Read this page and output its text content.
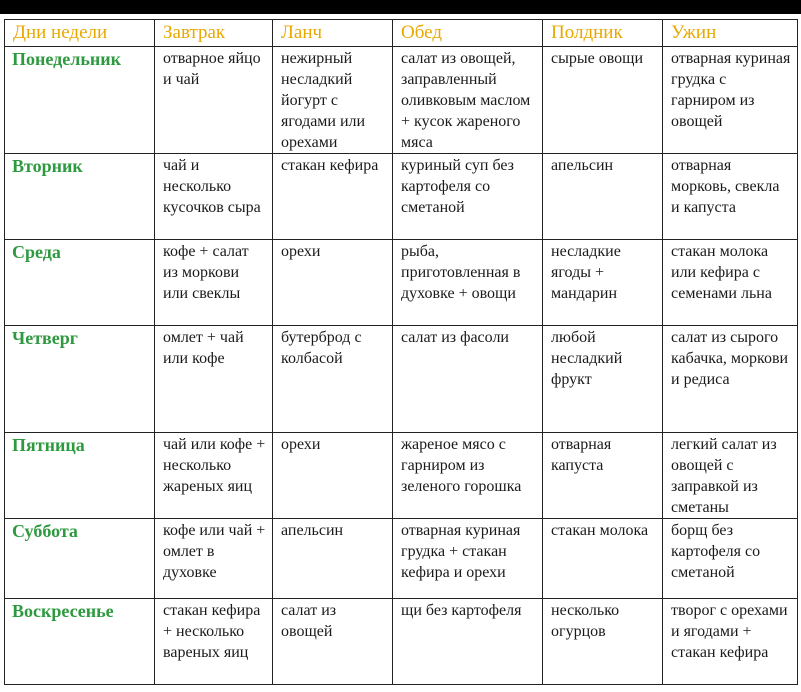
Дни недели	Завтрак	Ланч	Обед	Полдник	Ужин
Понедельник	отварное яйцо и чай	нежирный несладкий йогурт с ягодами или орехами	салат из овощей, заправленный оливковым маслом + кусок жареного мяса	сырые овощи	отварная куриная грудка с гарниром из овощей
Вторник	чай и несколько кусочков сыра	стакан кефира	куриный суп без картофеля со сметаной	апельсин	отварная морковь, свекла и капуста
Среда	кофе + салат из моркови или свеклы	орехи	рыба, приготовленная в духовке + овощи	несладкие ягоды + мандарин	стакан молока или кефира с семенами льна
Четверг	омлет + чай или кофе	бутерброд с колбасой	салат из фасоли	любой несладкий фрукт	салат из сырого кабачка, моркови и редиса
Пятница	чай или кофе + несколько жареных яиц	орехи	жареное мясо с гарниром из зеленого горошка	отварная капуста	легкий салат из овощей с заправкой из сметаны
Суббота	кофе или чай + омлет в духовке	апельсин	отварная куриная грудка + стакан кефира и орехи	стакан молока	борщ без картофеля со сметаной
Воскресенье	стакан кефира + несколько вареных яиц	салат из овощей	щи без картофеля	несколько огурцов	творог с орехами и ягодами + стакан кефира
